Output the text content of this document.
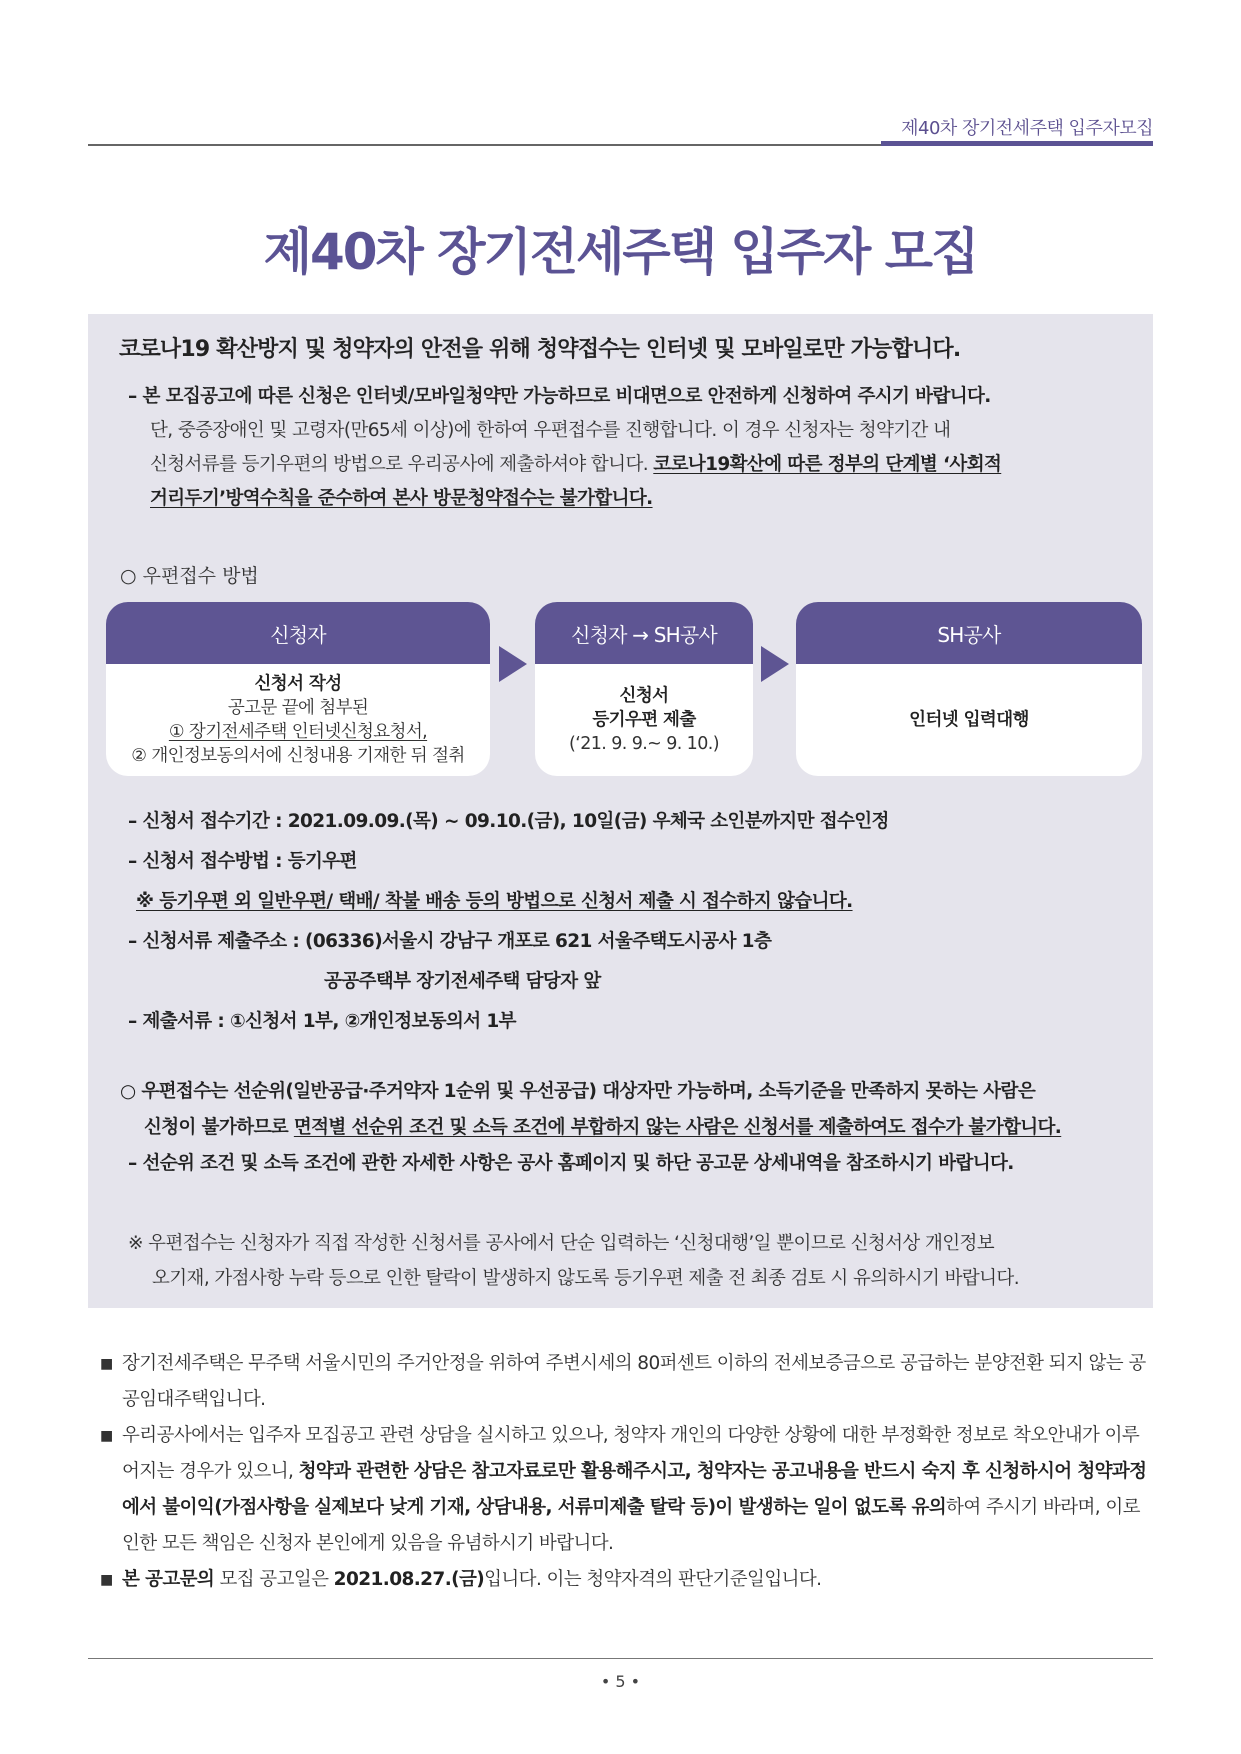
제40차 장기전세주택 입주자모집
제40차 장기전세주택 입주자 모집
코로나19 확산방지 및 청약자의 안전을 위해 청약접수는 인터넷 및 모바일로만 가능합니다.
– 본 모집공고에 따른 신청은 인터넷/모바일청약만 가능하므로 비대면으로 안전하게 신청하여 주시기 바랍니다.
단, 중증장애인 및 고령자(만65세 이상)에 한하여 우편접수를 진행합니다. 이 경우 신청자는 청약기간 내
신청서류를 등기우편의 방법으로 우리공사에 제출하셔야 합니다. 코로나19확산에 따른 정부의 단계별 ‘사회적
거리두기’방역수칙을 준수하여 본사 방문청약접수는 불가합니다.
○ 우편접수 방법
신청자
신청서 작성
공고문 끝에 첨부된
① 장기전세주택 인터넷신청요청서,
② 개인정보동의서에 신청내용 기재한 뒤 절취
신청자 → SH공사
신청서
등기우편 제출
(‘21. 9. 9.~ 9. 10.)
SH공사
인터넷 입력대행
– 신청서 접수기간 : 2021.09.09.(목) ~ 09.10.(금), 10일(금) 우체국 소인분까지만 접수인정
– 신청서 접수방법 : 등기우편
※ 등기우편 외 일반우편/ 택배/ 착불 배송 등의 방법으로 신청서 제출 시 접수하지 않습니다.
– 신청서류 제출주소 : (06336)서울시 강남구 개포로 621 서울주택도시공사 1층
공공주택부 장기전세주택 담당자 앞
– 제출서류 : ①신청서 1부, ②개인정보동의서 1부
○ 우편접수는 선순위(일반공급·주거약자 1순위 및 우선공급) 대상자만 가능하며, 소득기준을 만족하지 못하는 사람은
신청이 불가하므로 면적별 선순위 조건 및 소득 조건에 부합하지 않는 사람은 신청서를 제출하여도 접수가 불가합니다.
– 선순위 조건 및 소득 조건에 관한 자세한 사항은 공사 홈페이지 및 하단 공고문 상세내역을 참조하시기 바랍니다.
※ 우편접수는 신청자가 직접 작성한 신청서를 공사에서 단순 입력하는 ‘신청대행’일 뿐이므로 신청서상 개인정보
오기재, 가점사항 누락 등으로 인한 탈락이 발생하지 않도록 등기우편 제출 전 최종 검토 시 유의하시기 바랍니다.
■ 장기전세주택은 무주택 서울시민의 주거안정을 위하여 주변시세의 80퍼센트 이하의 전세보증금으로 공급하는 분양전환 되지 않는 공공임대주택입니다.
■ 우리공사에서는 입주자 모집공고 관련 상담을 실시하고 있으나, 청약자 개인의 다양한 상황에 대한 부정확한 정보로 착오안내가 이루어지는 경우가 있으니, 청약과 관련한 상담은 참고자료로만 활용해주시고, 청약자는 공고내용을 반드시 숙지 후 신청하시어 청약과정에서 불이익(가점사항을 실제보다 낮게 기재, 상담내용, 서류미제출 탈락 등)이 발생하는 일이 없도록 유의하여 주시기 바라며, 이로 인한 모든 책임은 신청자 본인에게 있음을 유념하시기 바랍니다.
■ 본 공고문의 모집 공고일은 2021.08.27.(금)입니다. 이는 청약자격의 판단기준일입니다.
• 5 •
